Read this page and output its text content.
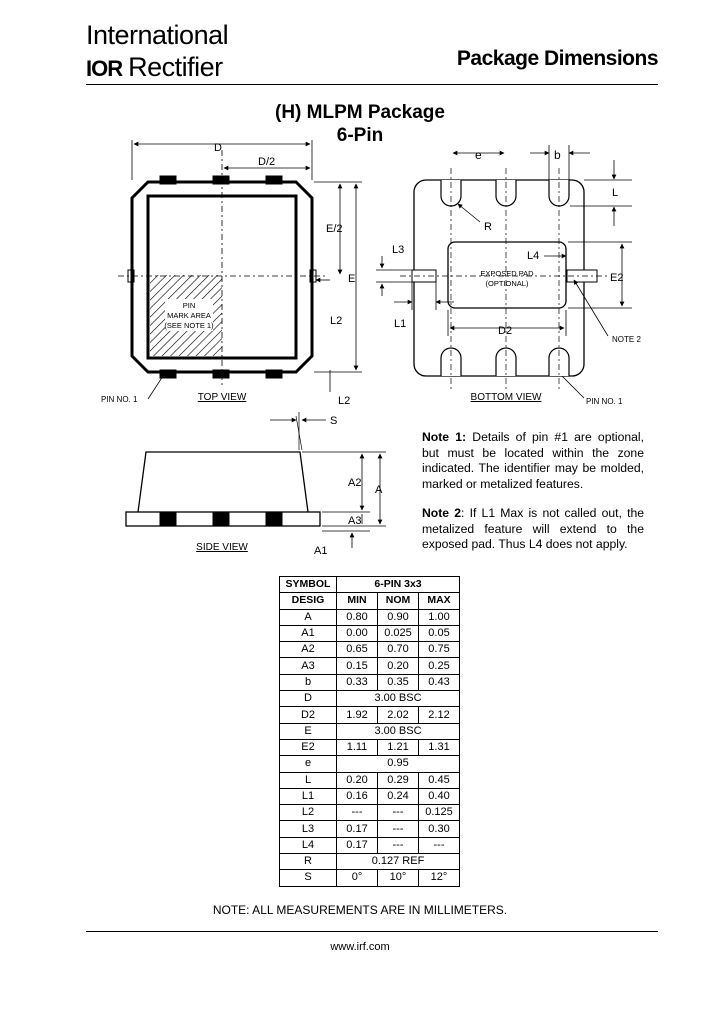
International
IOR Rectifier	Package Dimensions
(H) MLPM Package
6-Pin
D
D/2
E/2
E
L2
L2
PIN
MARK AREA
(SEE NOTE 1)
PIN NO. 1	TOP VIEW
e	b
L
R
L3	L4
E2
L1
D2
EXPOSED PAD
(OPTIONAL)
NOTE 2
PIN NO. 1
BOTTOM VIEW
S
A2
A
A3
A1
SIDE VIEW
Note 1: Details of pin #1 are optional, but must be located within the zone indicated. The identifier may be molded, marked or metalized features.
Note 2: If L1 Max is not called out, the metalized feature will extend to the exposed pad. Thus L4 does not apply.
SYMBOL	6-PIN 3x3		
DESIG	MIN	NOM	MAX
A	0.80	0.90	1.00
A1	0.00	0.025	0.05
A2	0.65	0.70	0.75
A3	0.15	0.20	0.25
b	0.33	0.35	0.43
D	3.00 BSC		
D2	1.92	2.02	2.12
E	3.00 BSC		
E2	1.11	1.21	1.31
e	0.95		
L	0.20	0.29	0.45
L1	0.16	0.24	0.40
L2	---	---	0.125
L3	0.17	---	0.30
L4	0.17	---	---
R	0.127 REF		
S	0°	10°	12°
NOTE: ALL MEASUREMENTS ARE IN MILLIMETERS.
www.irf.com
